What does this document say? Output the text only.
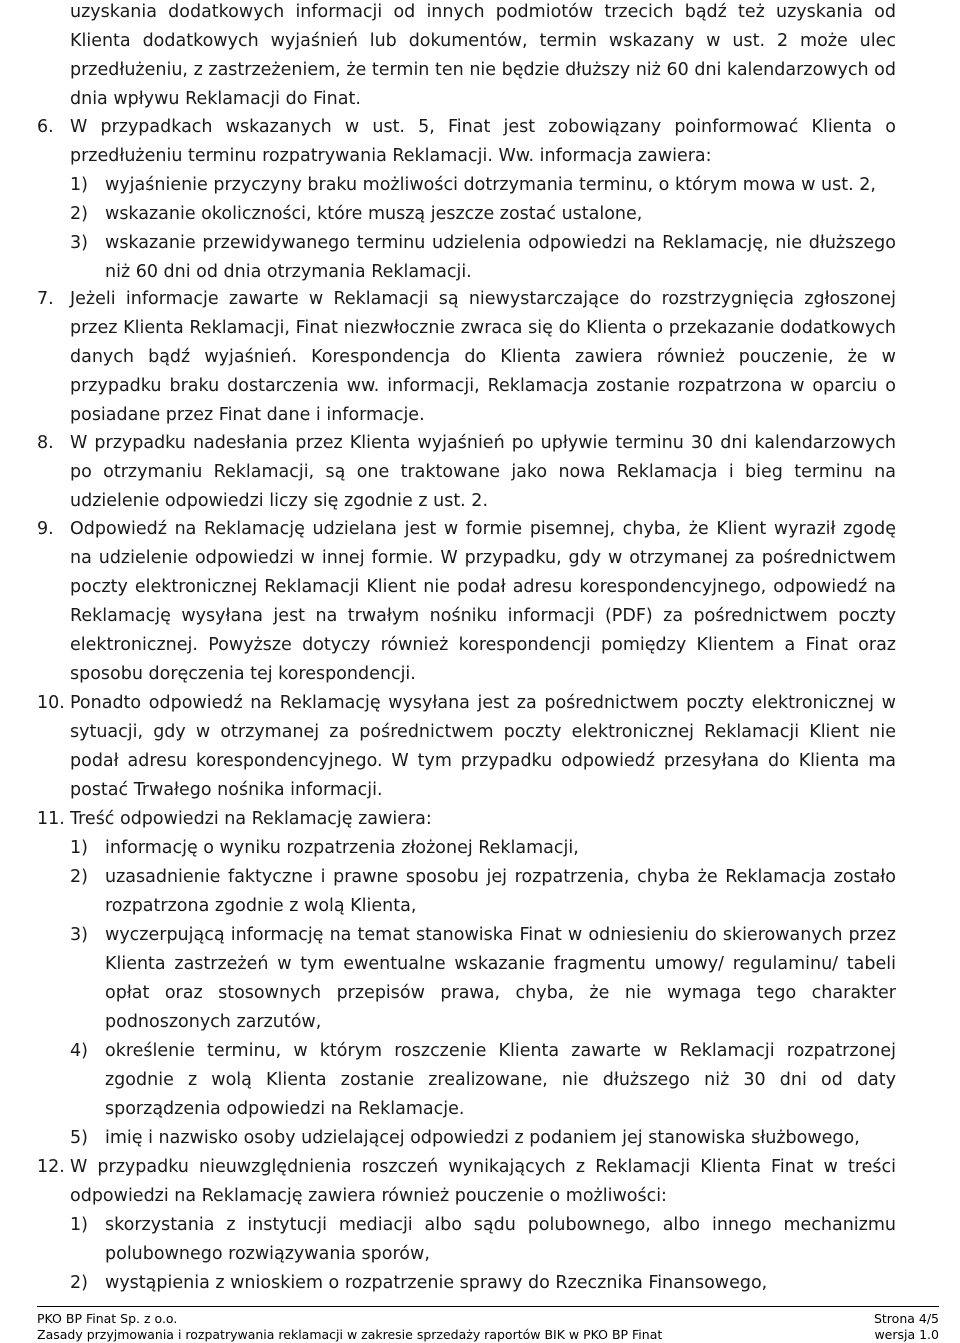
uzyskania dodatkowych informacji od innych podmiotów trzecich bądź też uzyskania od Klienta dodatkowych wyjaśnień lub dokumentów, termin wskazany w ust. 2 może ulec przedłużeniu, z zastrzeżeniem, że termin ten nie będzie dłuższy niż 60 dni kalendarzowych od dnia wpływu Reklamacji do Finat.

6. W przypadkach wskazanych w ust. 5, Finat jest zobowiązany poinformować Klienta o przedłużeniu terminu rozpatrywania Reklamacji. Ww. informacja zawiera:

1) wyjaśnienie przyczyny braku możliwości dotrzymania terminu, o którym mowa w ust. 2,

2) wskazanie okoliczności, które muszą jeszcze zostać ustalone,

3) wskazanie przewidywanego terminu udzielenia odpowiedzi na Reklamację, nie dłuższego niż 60 dni od dnia otrzymania Reklamacji.

7. Jeżeli informacje zawarte w Reklamacji są niewystarczające do rozstrzygnięcia zgłoszonej przez Klienta Reklamacji, Finat niezwłocznie zwraca się do Klienta o przekazanie dodatkowych danych bądź wyjaśnień. Korespondencja do Klienta zawiera również pouczenie, że w przypadku braku dostarczenia ww. informacji, Reklamacja zostanie rozpatrzona w oparciu o posiadane przez Finat dane i informacje.

8. W przypadku nadesłania przez Klienta wyjaśnień po upływie terminu 30 dni kalendarzowych po otrzymaniu Reklamacji, są one traktowane jako nowa Reklamacja i bieg terminu na udzielenie odpowiedzi liczy się zgodnie z ust. 2.

9. Odpowiedź na Reklamację udzielana jest w formie pisemnej, chyba, że Klient wyraził zgodę na udzielenie odpowiedzi w innej formie. W przypadku, gdy w otrzymanej za pośrednictwem poczty elektronicznej Reklamacji Klient nie podał adresu korespondencyjnego, odpowiedź na Reklamację wysyłana jest na trwałym nośniku informacji (PDF) za pośrednictwem poczty elektronicznej. Powyższe dotyczy również korespondencji pomiędzy Klientem a Finat oraz sposobu doręczenia tej korespondencji.

10. Ponadto odpowiedź na Reklamację wysyłana jest za pośrednictwem poczty elektronicznej w sytuacji, gdy w otrzymanej za pośrednictwem poczty elektronicznej Reklamacji Klient nie podał adresu korespondencyjnego. W tym przypadku odpowiedź przesyłana do Klienta ma postać Trwałego nośnika informacji.

11. Treść odpowiedzi na Reklamację zawiera:

1) informację o wyniku rozpatrzenia złożonej Reklamacji,

2) uzasadnienie faktyczne i prawne sposobu jej rozpatrzenia, chyba że Reklamacja zostało rozpatrzona zgodnie z wolą Klienta,

3) wyczerpującą informację na temat stanowiska Finat w odniesieniu do skierowanych przez Klienta zastrzeżeń w tym ewentualne wskazanie fragmentu umowy/ regulaminu/ tabeli opłat oraz stosownych przepisów prawa, chyba, że nie wymaga tego charakter podnoszonych zarzutów,

4) określenie terminu, w którym roszczenie Klienta zawarte w Reklamacji rozpatrzonej zgodnie z wolą Klienta zostanie zrealizowane, nie dłuższego niż 30 dni od daty sporządzenia odpowiedzi na Reklamacje.

5) imię i nazwisko osoby udzielającej odpowiedzi z podaniem jej stanowiska służbowego,

12. W przypadku nieuwzględnienia roszczeń wynikających z Reklamacji Klienta Finat w treści odpowiedzi na Reklamację zawiera również pouczenie o możliwości:

1) skorzystania z instytucji mediacji albo sądu polubownego, albo innego mechanizmu polubownego rozwiązywania sporów,

2) wystąpienia z wnioskiem o rozpatrzenie sprawy do Rzecznika Finansowego,

PKO BP Finat Sp. z o.o.	Strona 4/5
Zasady przyjmowania i rozpatrywania reklamacji w zakresie sprzedaży raportów BIK w PKO BP Finat	wersja 1.0
